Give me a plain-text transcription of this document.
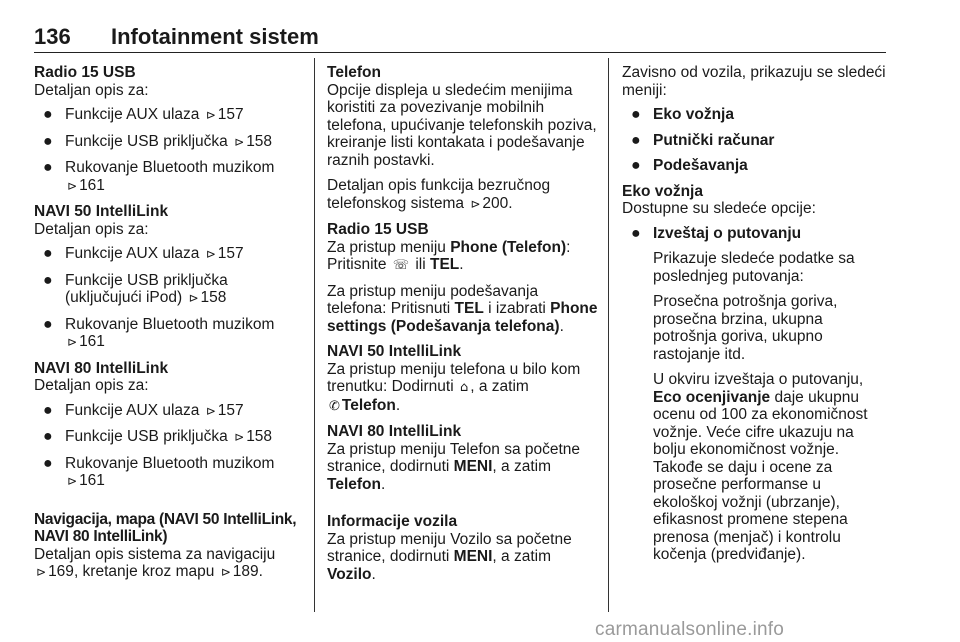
136 Infotainment sistem
Radio 15 USB
Detaljan opis za:
● Funkcije AUX ulaza ⊳ 157
● Funkcije USB priključka ⊳ 158
● Rukovanje Bluetooth muzikom
⊳ 161
NAVI 50 IntelliLink
Detaljan opis za:
● Funkcije AUX ulaza ⊳ 157
● Funkcije USB priključka (uključujući iPod) ⊳ 158
● Rukovanje Bluetooth muzikom
⊳ 161
NAVI 80 IntelliLink
Detaljan opis za:
● Funkcije AUX ulaza ⊳ 157
● Funkcije USB priključka ⊳ 158
● Rukovanje Bluetooth muzikom
⊳ 161
Navigacija, mapa (NAVI 50 IntelliLink, NAVI 80 IntelliLink)

Detaljan opis sistema za navigaciju
⊳ 169, kretanje kroz mapu ⊳ 189.

Telefon

Opcije displeja u sledećim menijima koristiti za povezivanje mobilnih telefona, upućivanje telefonskih poziva, kreiranje listi kontakata i podešavanje raznih postavki.

Detaljan opis funkcija bezručnog telefonskog sistema ⊳ 200.

Radio 15 USB
Za pristup meniju Phone (Telefon):

Pritisnite ☏ ili TEL.

Za pristup meniju podešavanja telefona: Pritisnuti TEL i izabrati Phone settings (Podešavanja telefona).

NAVI 50 IntelliLink

Za pristup meniju telefona u bilo kom trenutku: Dodirnuti ⌂ , a zatim
✆ Telefon.

NAVI 80 IntelliLink

Za pristup meniju Telefon sa početne stranice, dodirnuti MENI, a zatim Telefon.

Informacije vozila

Za pristup meniju Vozilo sa početne stranice, dodirnuti MENI, a zatim Vozilo.

Zavisno od vozila, prikazuju se sledeći meniji:
● Eko vožnja
● Putnički računar
● Podešavanja
Eko vožnja
Dostupne su sledeće opcije:
● Izveštaj o putovanju

Prikazuje sledeće podatke sa poslednjeg putovanja:

Prosečna potrošnja goriva, prosečna brzina, ukupna potrošnja goriva, ukupno rastojanje itd.

U okviru izveštaja o putovanju, Eco ocenjivanje daje ukupnu ocenu od 100 za ekonomičnost vožnje. Veće cifre ukazuju na bolju ekonomičnost vožnje. Takođe se daju i ocene za prosečne performanse u ekološkoj vožnji (ubrzanje), efikasnost promene stepena prenosa (menjač) i kontrolu kočenja (predviđanje).

carmanualsonline.info
